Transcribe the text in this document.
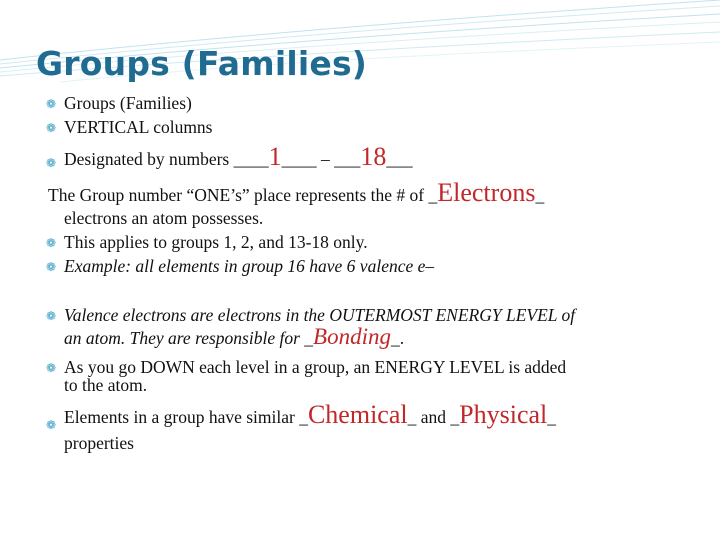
Groups (Families)
❁ Groups (Families)
❁ VERTICAL columns
❁ Designated by numbers ____1____ – ___18___
The Group number “ONE’s” place represents the # of _Electrons_
electrons an atom possesses.
❁ This applies to groups 1, 2, and 13-18 only.
❁ Example: all elements in group 16 have 6 valence e–
❁ Valence electrons are electrons in the OUTERMOST ENERGY LEVEL of
an atom. They are responsible for _Bonding_.
❁ As you go DOWN each level in a group, an ENERGY LEVEL is added
to the atom.
❁ Elements in a group have similar _Chemical_ and _Physical_
properties
